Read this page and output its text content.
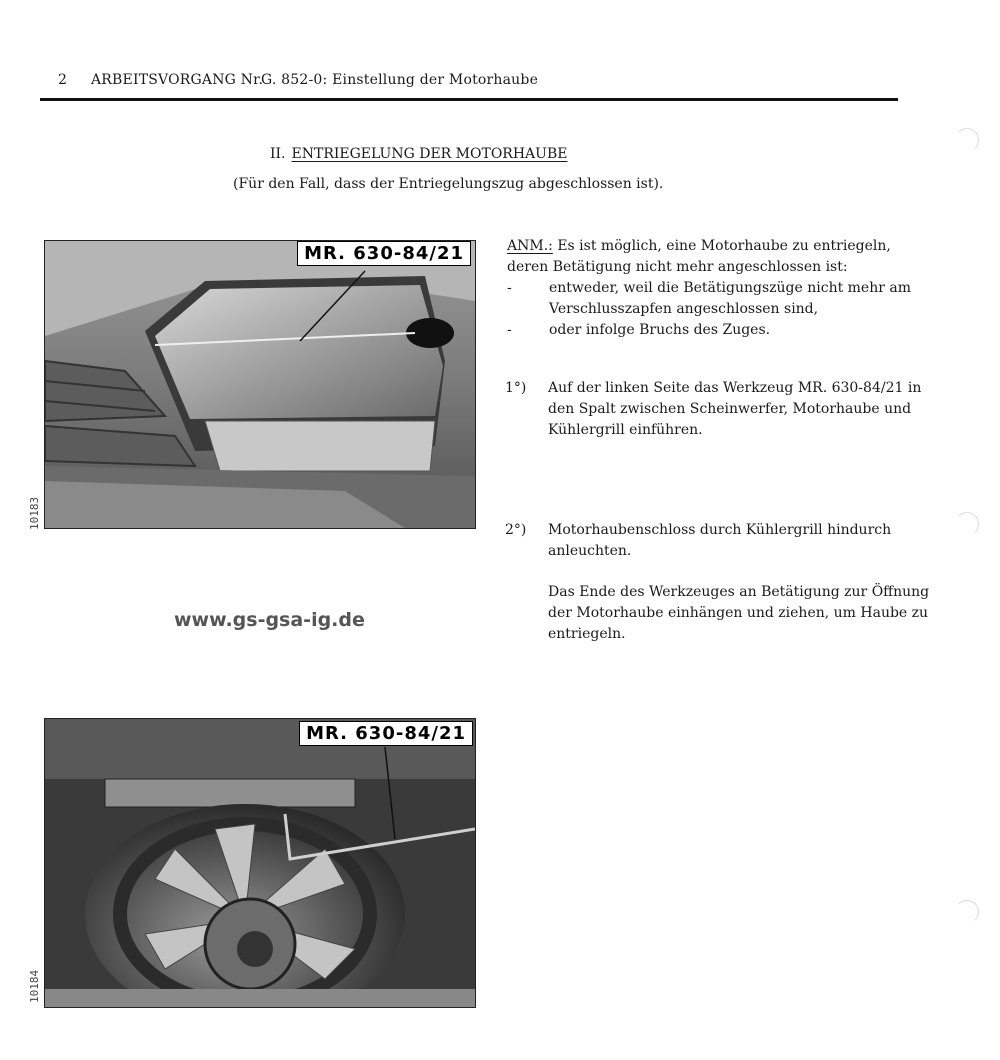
2 ARBEITSVORGANG Nr.
G. 852-0: Einstellung der Motorhaube
II. ENTRIEGELUNG DER MOTORHAUBE
(Für den Fall, dass der Entriegelungszug abgeschlossen ist).
MR. 630-84/21
10183
www.gs-gsa-ig.de
MR. 630-84/21
10184
ANM.: Es ist möglich, eine Motorhaube zu entriegeln,
deren Betätigung nicht mehr angeschlossen ist:
-	entweder, weil die Betätigungszüge nicht mehr am Verschlusszapfen angeschlossen sind,
-	oder infolge Bruchs des Zuges.
1°)	Auf der linken Seite das Werkzeug MR. 630-84/21 in den Spalt zwischen Scheinwerfer, Motorhaube und Kühlergrill einführen.
2°)	Motorhaubenschloss durch Kühlergrill hindurch anleuchten.
Das Ende des Werkzeuges an Betätigung zur Öffnung der Motorhaube einhängen und ziehen, um Haube zu entriegeln.
